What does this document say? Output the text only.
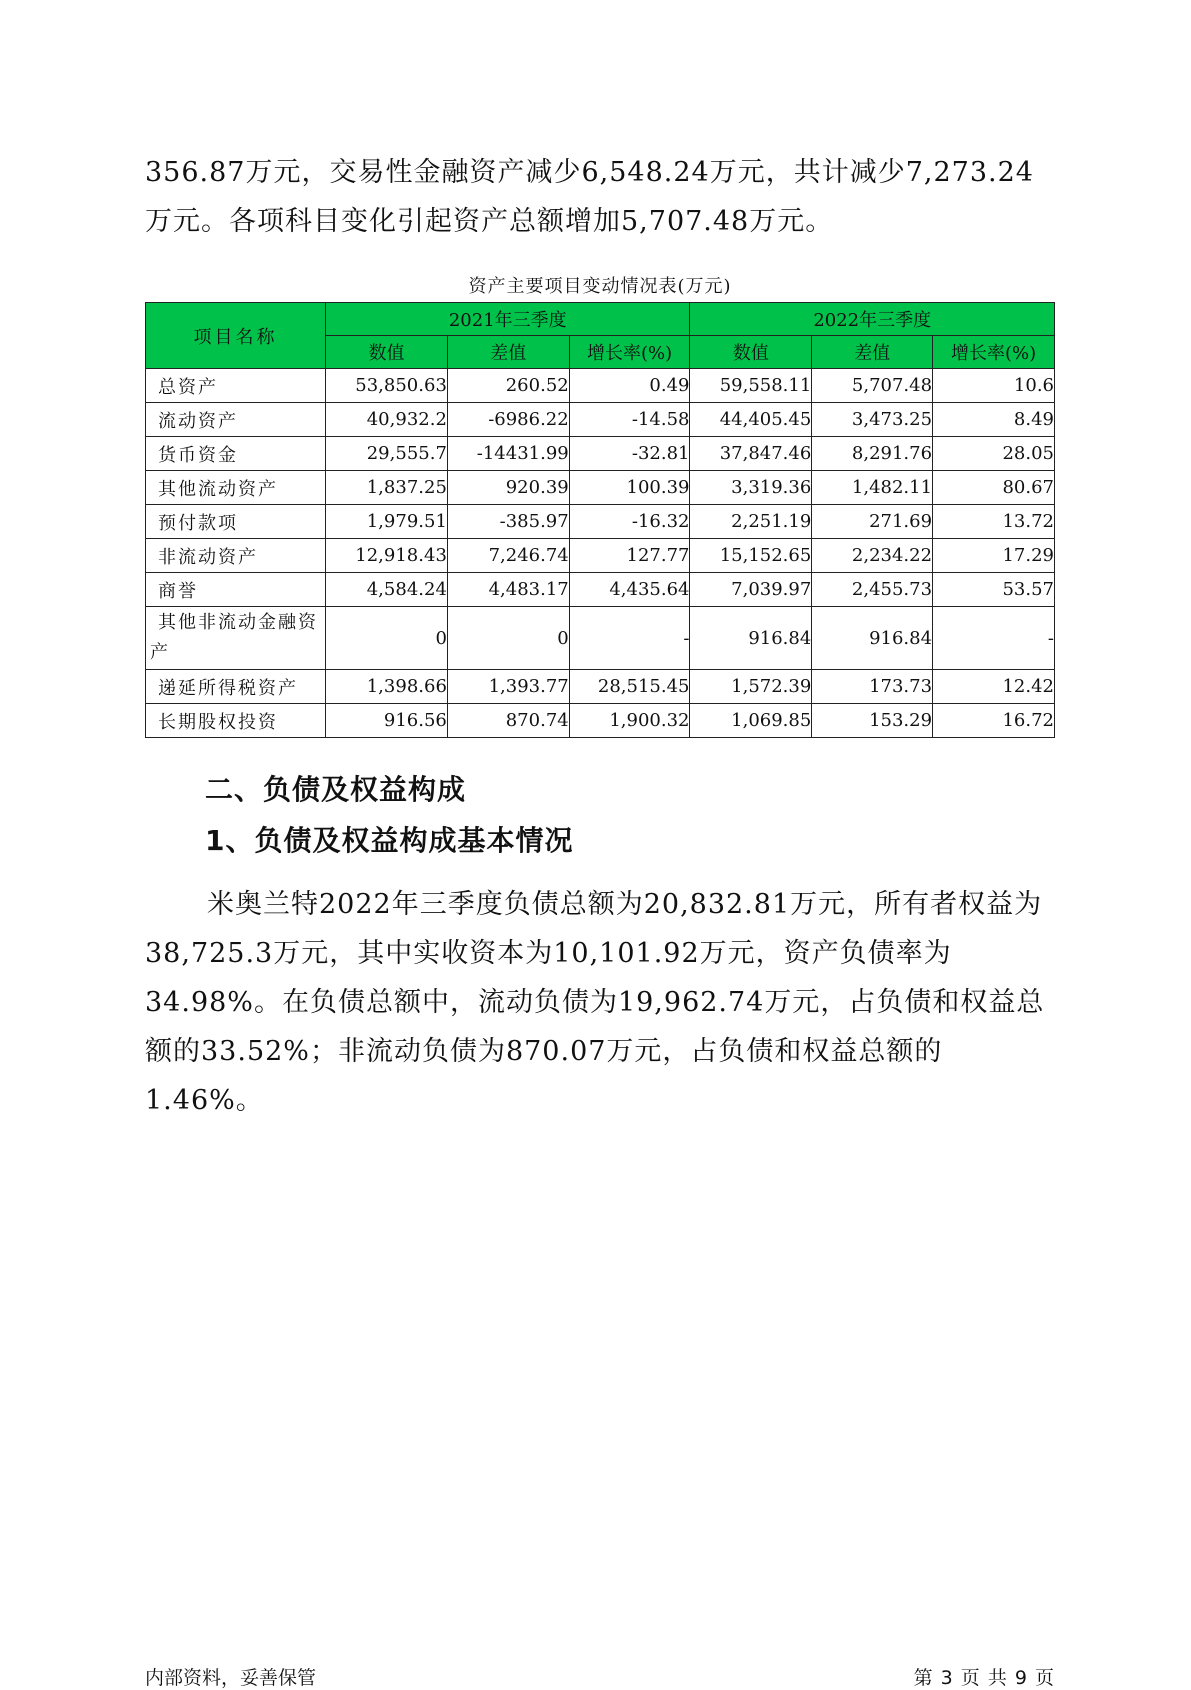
356.87万元，交易性金融资产减少6,548.24万元，共计减少7,273.24万元。各项科目变化引起资产总额增加5,707.48万元。

资产主要项目变动情况表(万元)
项目名称	2021年三季度			2022年三季度		
	数值	差值	增长率(%)	数值	差值	增长率(%)
总资产	53,850.63	260.52	0.49	59,558.11	5,707.48	10.6
流动资产	40,932.2	-6986.22	-14.58	44,405.45	3,473.25	8.49
货币资金	29,555.7	-14431.99	-32.81	37,847.46	8,291.76	28.05
其他流动资产	1,837.25	920.39	100.39	3,319.36	1,482.11	80.67
预付款项	1,979.51	-385.97	-16.32	2,251.19	271.69	13.72
非流动资产	12,918.43	7,246.74	127.77	15,152.65	2,234.22	17.29
商誉	4,584.24	4,483.17	4,435.64	7,039.97	2,455.73	53.57
其他非流动金融资产	0	0	-	916.84	916.84	-
递延所得税资产	1,398.66	1,393.77	28,515.45	1,572.39	173.73	12.42
长期股权投资	916.56	870.74	1,900.32	1,069.85	153.29	16.72
二、负债及权益构成
1、负债及权益构成基本情况

米奥兰特2022年三季度负债总额为20,832.81万元，所有者权益为38,725.3万元，其中实收资本为10,101.92万元，资产负债率为34.98%。在负债总额中，流动负债为19,962.74万元，占负债和权益总额的33.52%；非流动负债为870.07万元，占负债和权益总额的1.46%。

内部资料，妥善保管	第 3 页 共 9 页
